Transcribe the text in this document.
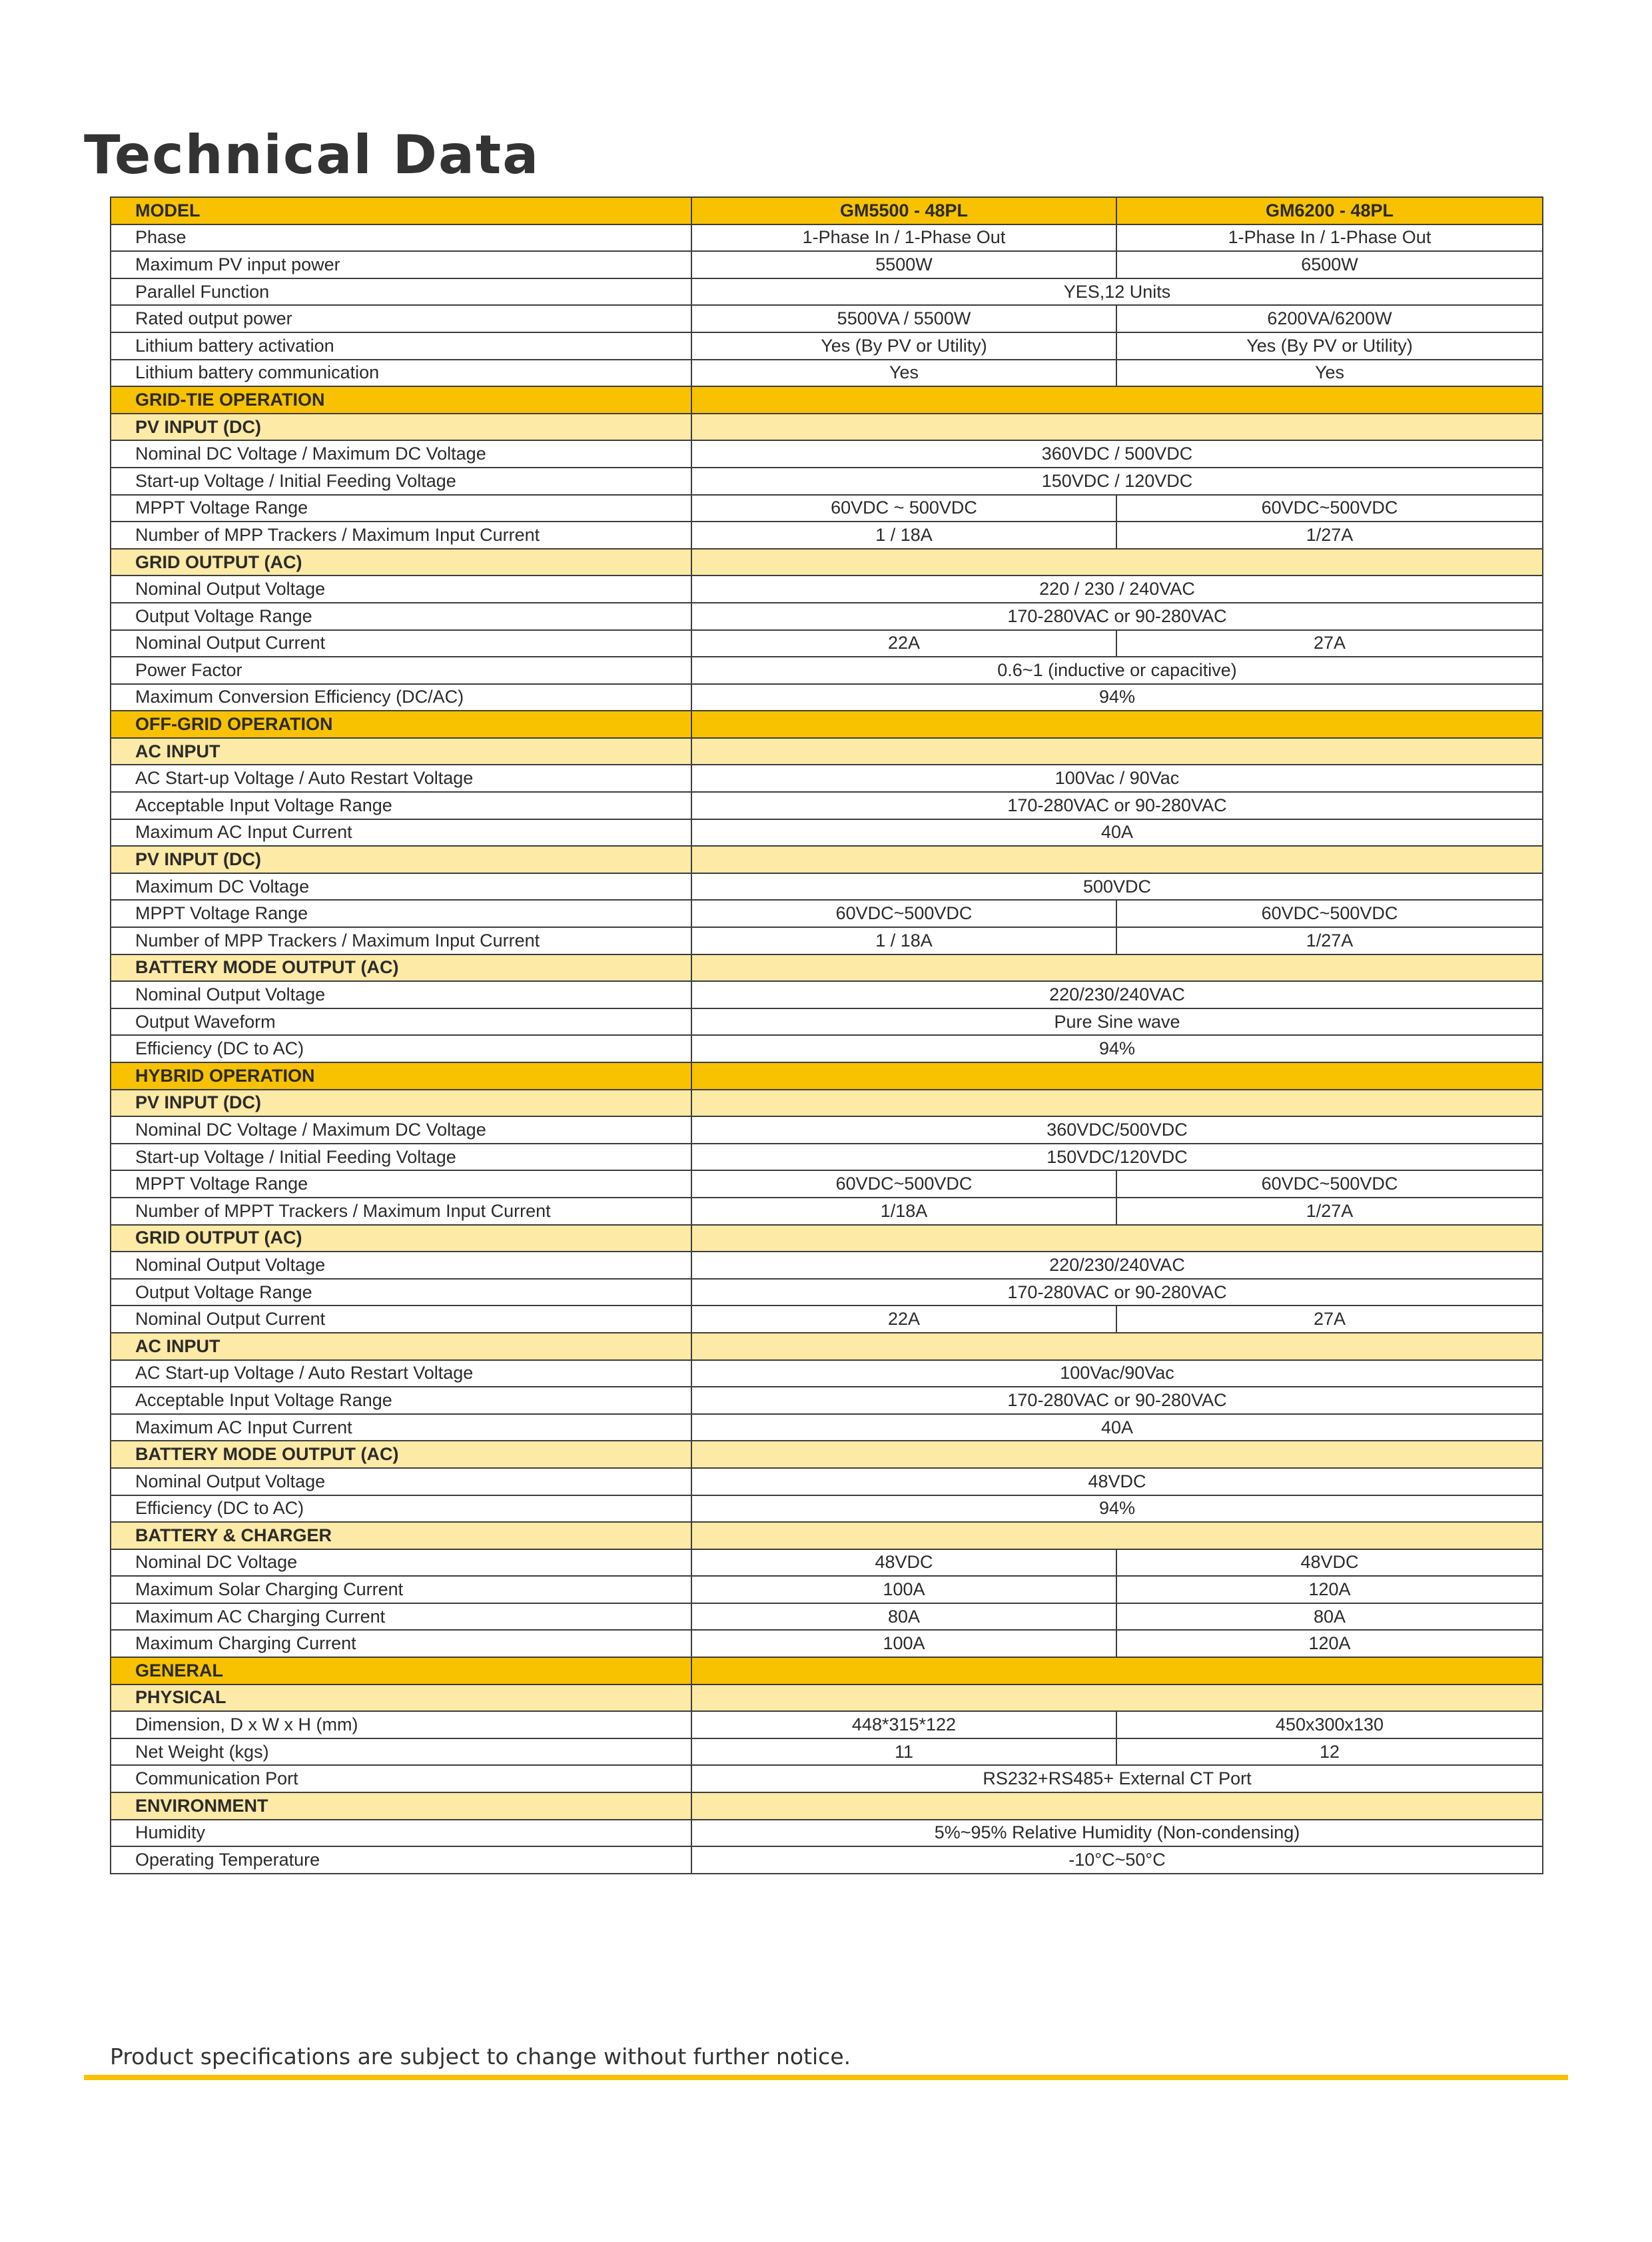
Technical Data
MODEL	GM5500 - 48PL	GM6200 - 48PL
Phase	1-Phase In / 1-Phase Out	1-Phase In / 1-Phase Out
Maximum PV input power	5500W	6500W
Parallel Function	YES,12 Units	
Rated output power	5500VA / 5500W	6200VA/6200W
Lithium battery activation	Yes (By PV or Utility)	Yes (By PV or Utility)
Lithium battery communication	Yes	Yes
GRID-TIE OPERATION		
PV INPUT (DC)		
Nominal DC Voltage / Maximum DC Voltage	360VDC / 500VDC	
Start-up Voltage / Initial Feeding Voltage	150VDC / 120VDC	
MPPT Voltage Range	60VDC ~ 500VDC	60VDC~500VDC
Number of MPP Trackers / Maximum Input Current	1 / 18A	1/27A
GRID OUTPUT (AC)		
Nominal Output Voltage	220 / 230 / 240VAC	
Output Voltage Range	170-280VAC or 90-280VAC	
Nominal Output Current	22A	27A
Power Factor	0.6~1 (inductive or capacitive)	
Maximum Conversion Efficiency (DC/AC)	94%	
OFF-GRID OPERATION		
AC INPUT		
AC Start-up Voltage / Auto Restart Voltage	100Vac / 90Vac	
Acceptable Input Voltage Range	170-280VAC or 90-280VAC	
Maximum AC Input Current	40A	
PV INPUT (DC)		
Maximum DC Voltage	500VDC	
MPPT Voltage Range	60VDC~500VDC	60VDC~500VDC
Number of MPP Trackers / Maximum Input Current	1 / 18A	1/27A
BATTERY MODE OUTPUT (AC)		
Nominal Output Voltage	220/230/240VAC	
Output Waveform	Pure Sine wave	
Efficiency (DC to AC)	94%	
HYBRID OPERATION		
PV INPUT (DC)		
Nominal DC Voltage / Maximum DC Voltage	360VDC/500VDC	
Start-up Voltage / Initial Feeding Voltage	150VDC/120VDC	
MPPT Voltage Range	60VDC~500VDC	60VDC~500VDC
Number of MPPT Trackers / Maximum Input Current	1/18A	1/27A
GRID OUTPUT (AC)		
Nominal Output Voltage	220/230/240VAC	
Output Voltage Range	170-280VAC or 90-280VAC	
Nominal Output Current	22A	27A
AC INPUT		
AC Start-up Voltage / Auto Restart Voltage	100Vac/90Vac	
Acceptable Input Voltage Range	170-280VAC or 90-280VAC	
Maximum AC Input Current	40A	
BATTERY MODE OUTPUT (AC)		
Nominal Output Voltage	48VDC	
Efficiency (DC to AC)	94%	
BATTERY & CHARGER		
Nominal DC Voltage	48VDC	48VDC
Maximum Solar Charging Current	100A	120A
Maximum AC Charging Current	80A	80A
Maximum Charging Current	100A	120A
GENERAL		
PHYSICAL		
Dimension, D x W x H (mm)	448*315*122	450x300x130
Net Weight (kgs)	11	12
Communication Port	RS232+RS485+ External CT Port	
ENVIRONMENT		
Humidity	5%~95% Relative Humidity (Non-condensing)	
Operating Temperature	-10°C~50°C	
Product specifications are subject to change without further notice.
